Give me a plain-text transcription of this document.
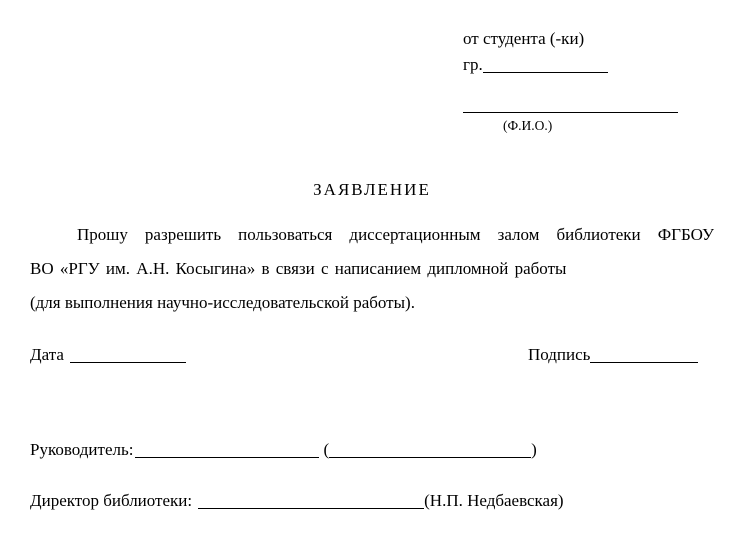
от студента (-ки)
гр.
(Ф.И.О.)
ЗАЯВЛЕНИЕ
Прошу разрешить пользоваться диссертационным залом библиотеки ФГБОУ
ВО «РГУ им. А.Н. Косыгина» в связи с написанием дипломной работы
(для выполнения научно-исследовательской работы).
Дата	Подпись
Руководитель:	(	)
Директор библиотеки:	(Н.П. Недбаевская)
